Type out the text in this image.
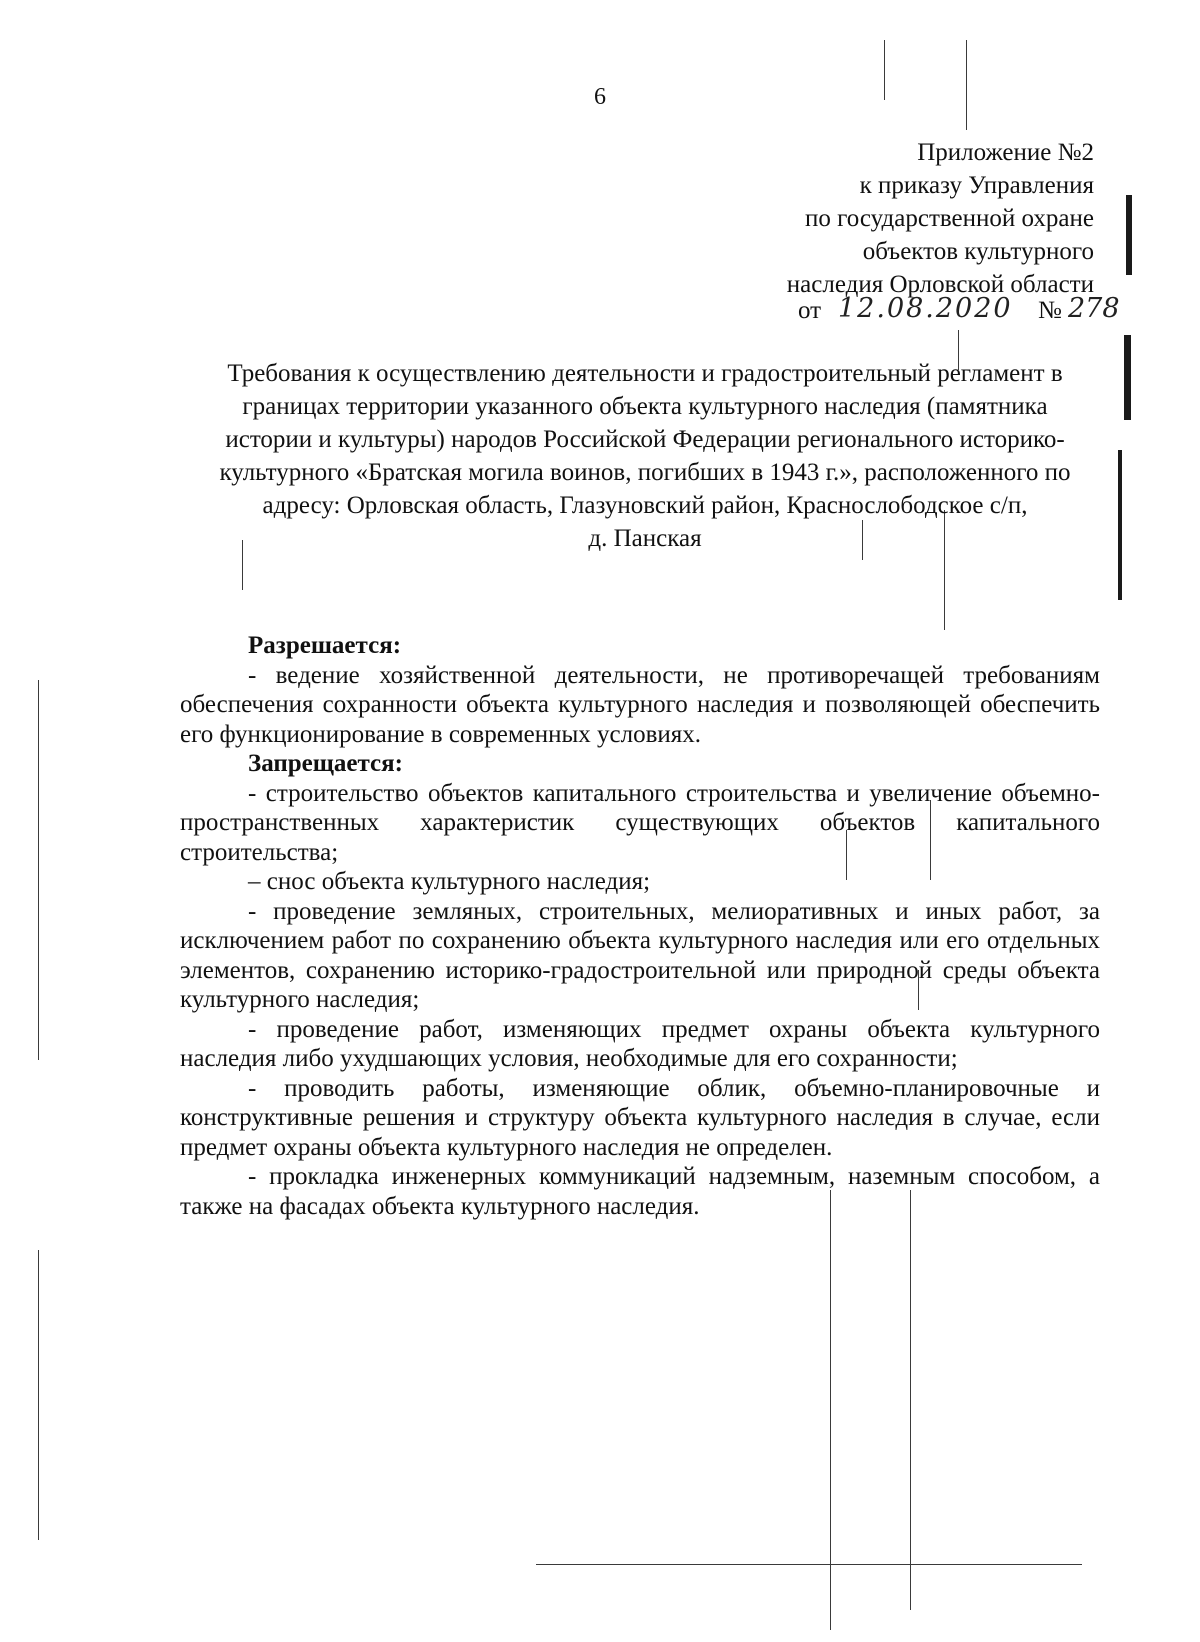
6
Приложение №2
к приказу Управления
по государственной охране
объектов культурного
наследия Орловской области
от 12.08.2020 № 278
Требования к осуществлению деятельности и градостроительный регламент в
границах территории указанного объекта культурного наследия (памятника
истории и культуры) народов Российской Федерации регионального историко-
культурного «Братская могила воинов, погибших в 1943 г.», расположенного по
адресу: Орловская область, Глазуновский район, Краснослободское с/п,
д. Панская

Разрешается:

- ведение хозяйственной деятельности, не противоречащей требованиям обеспечения сохранности объекта культурного наследия и позволяющей обеспечить его функционирование в современных условиях.

Запрещается:

- строительство объектов капитального строительства и увеличение объемно-пространственных характеристик существующих объектов капитального строительства;

– снос объекта культурного наследия;

- проведение земляных, строительных, мелиоративных и иных работ, за исключением работ по сохранению объекта культурного наследия или его отдельных элементов, сохранению историко-градостроительной или природной среды объекта культурного наследия;

- проведение работ, изменяющих предмет охраны объекта культурного наследия либо ухудшающих условия, необходимые для его сохранности;

- проводить работы, изменяющие облик, объемно-планировочные и конструктивные решения и структуру объекта культурного наследия в случае, если предмет охраны объекта культурного наследия не определен.

- прокладка инженерных коммуникаций надземным, наземным способом, а также на фасадах объекта культурного наследия.
